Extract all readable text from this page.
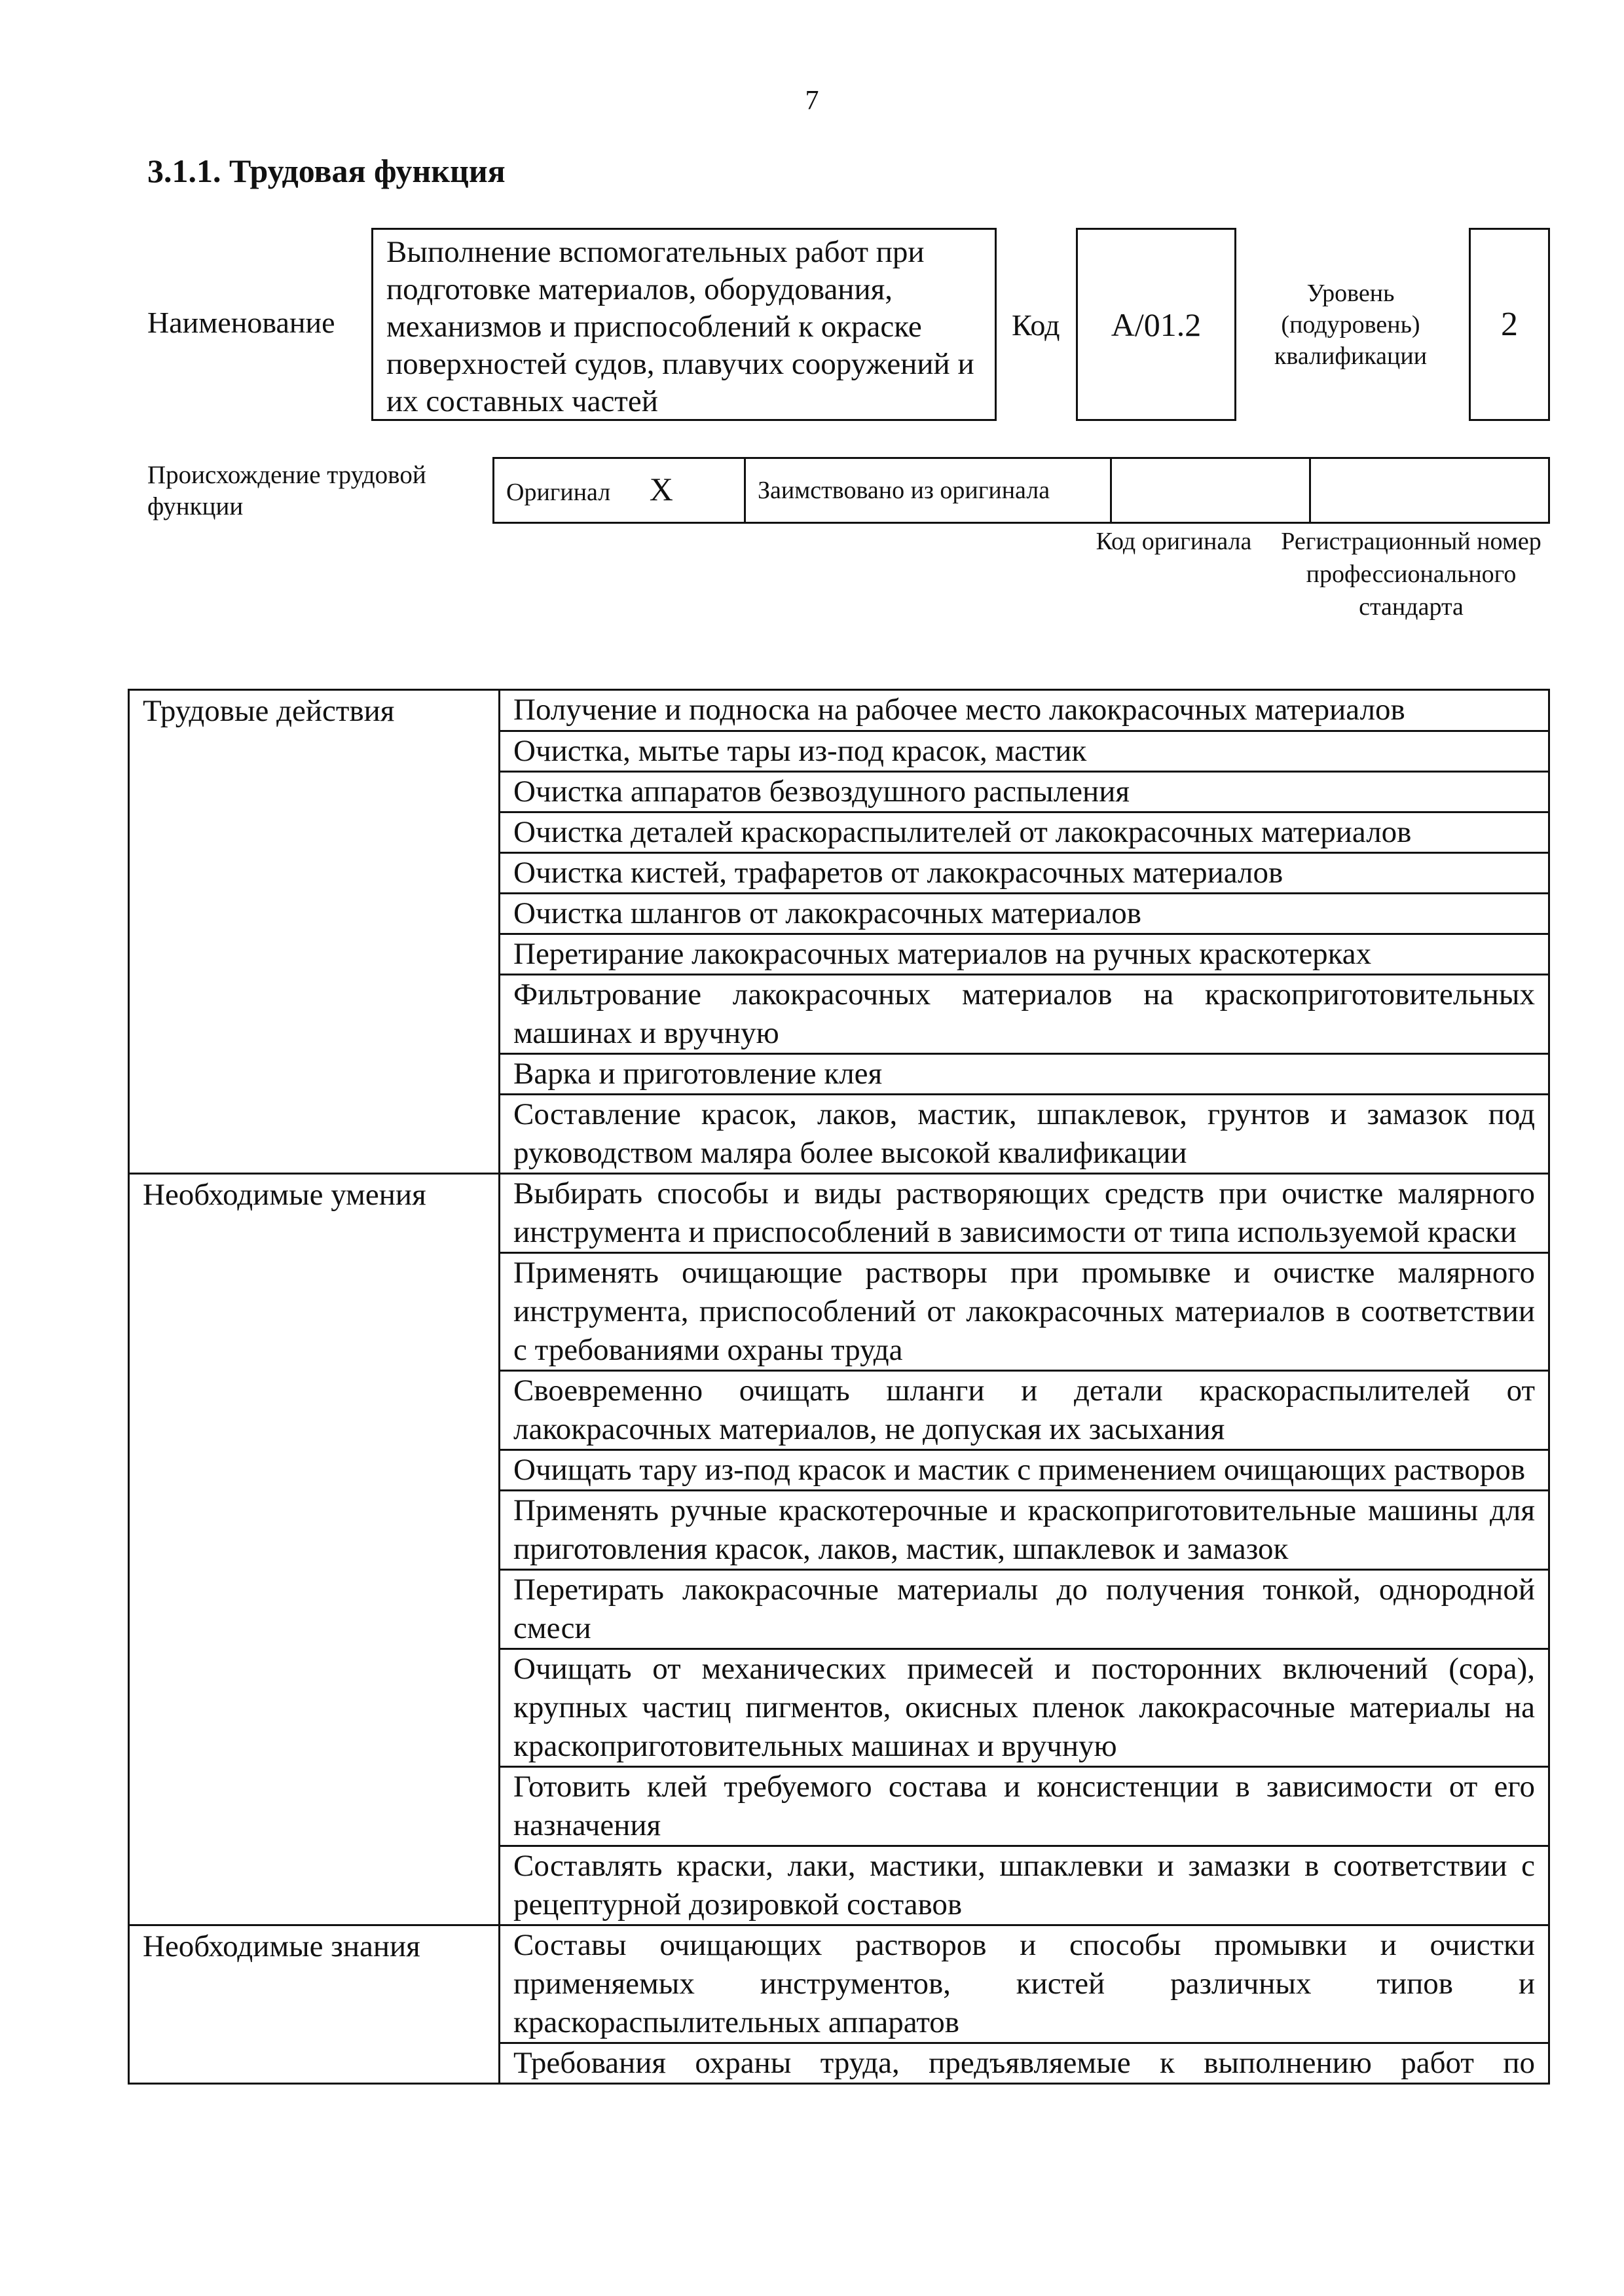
7
3.1.1. Трудовая функция
Наименование
Выполнение вспомогательных работ при подготовке материалов, оборудования, механизмов и приспособлений к окраске поверхностей судов, плавучих сооружений и их составных частей
Код	А/01.2
Уровень (подуровень) квалификации
2
Происхождение трудовой функции
Оригинал X	Заимствовано из оригинала		
Код оригинала	Регистрационный номер профессионального стандарта
Трудовые действия	Получение и подноска на рабочее место лакокрасочных материалов
	Очистка, мытье тары из-под красок, мастик
	Очистка аппаратов безвоздушного распыления
	Очистка деталей краскораспылителей от лакокрасочных материалов
	Очистка кистей, трафаретов от лакокрасочных материалов
	Очистка шлангов от лакокрасочных материалов
	Перетирание лакокрасочных материалов на ручных краскотерках
	Фильтрование лакокрасочных материалов на краскоприготовительных машинах и вручную
	Варка и приготовление клея
	Составление красок, лаков, мастик, шпаклевок, грунтов и замазок под руководством маляра более высокой квалификации
Необходимые умения	Выбирать способы и виды растворяющих средств при очистке малярного инструмента и приспособлений в зависимости от типа используемой краски
	Применять очищающие растворы при промывке и очистке малярного инструмента, приспособлений от лакокрасочных материалов в соответствии с требованиями охраны труда
	Своевременно очищать шланги и детали краскораспылителей от лакокрасочных материалов, не допуская их засыхания
	Очищать тару из-под красок и мастик с применением очищающих растворов
	Применять ручные краскотерочные и краскоприготовительные машины для приготовления красок, лаков, мастик, шпаклевок и замазок
	Перетирать лакокрасочные материалы до получения тонкой, однородной смеси
	Очищать от механических примесей и посторонних включений (сора), крупных частиц пигментов, окисных пленок лакокрасочные материалы на краскоприготовительных машинах и вручную
	Готовить клей требуемого состава и консистенции в зависимости от его назначения
	Составлять краски, лаки, мастики, шпаклевки и замазки в соответствии с рецептурной дозировкой составов
Необходимые знания	Составы очищающих растворов и способы промывки и очистки применяемых инструментов, кистей различных типов и краскораспылительных аппаратов
	Требования охраны труда, предъявляемые к выполнению работ по
